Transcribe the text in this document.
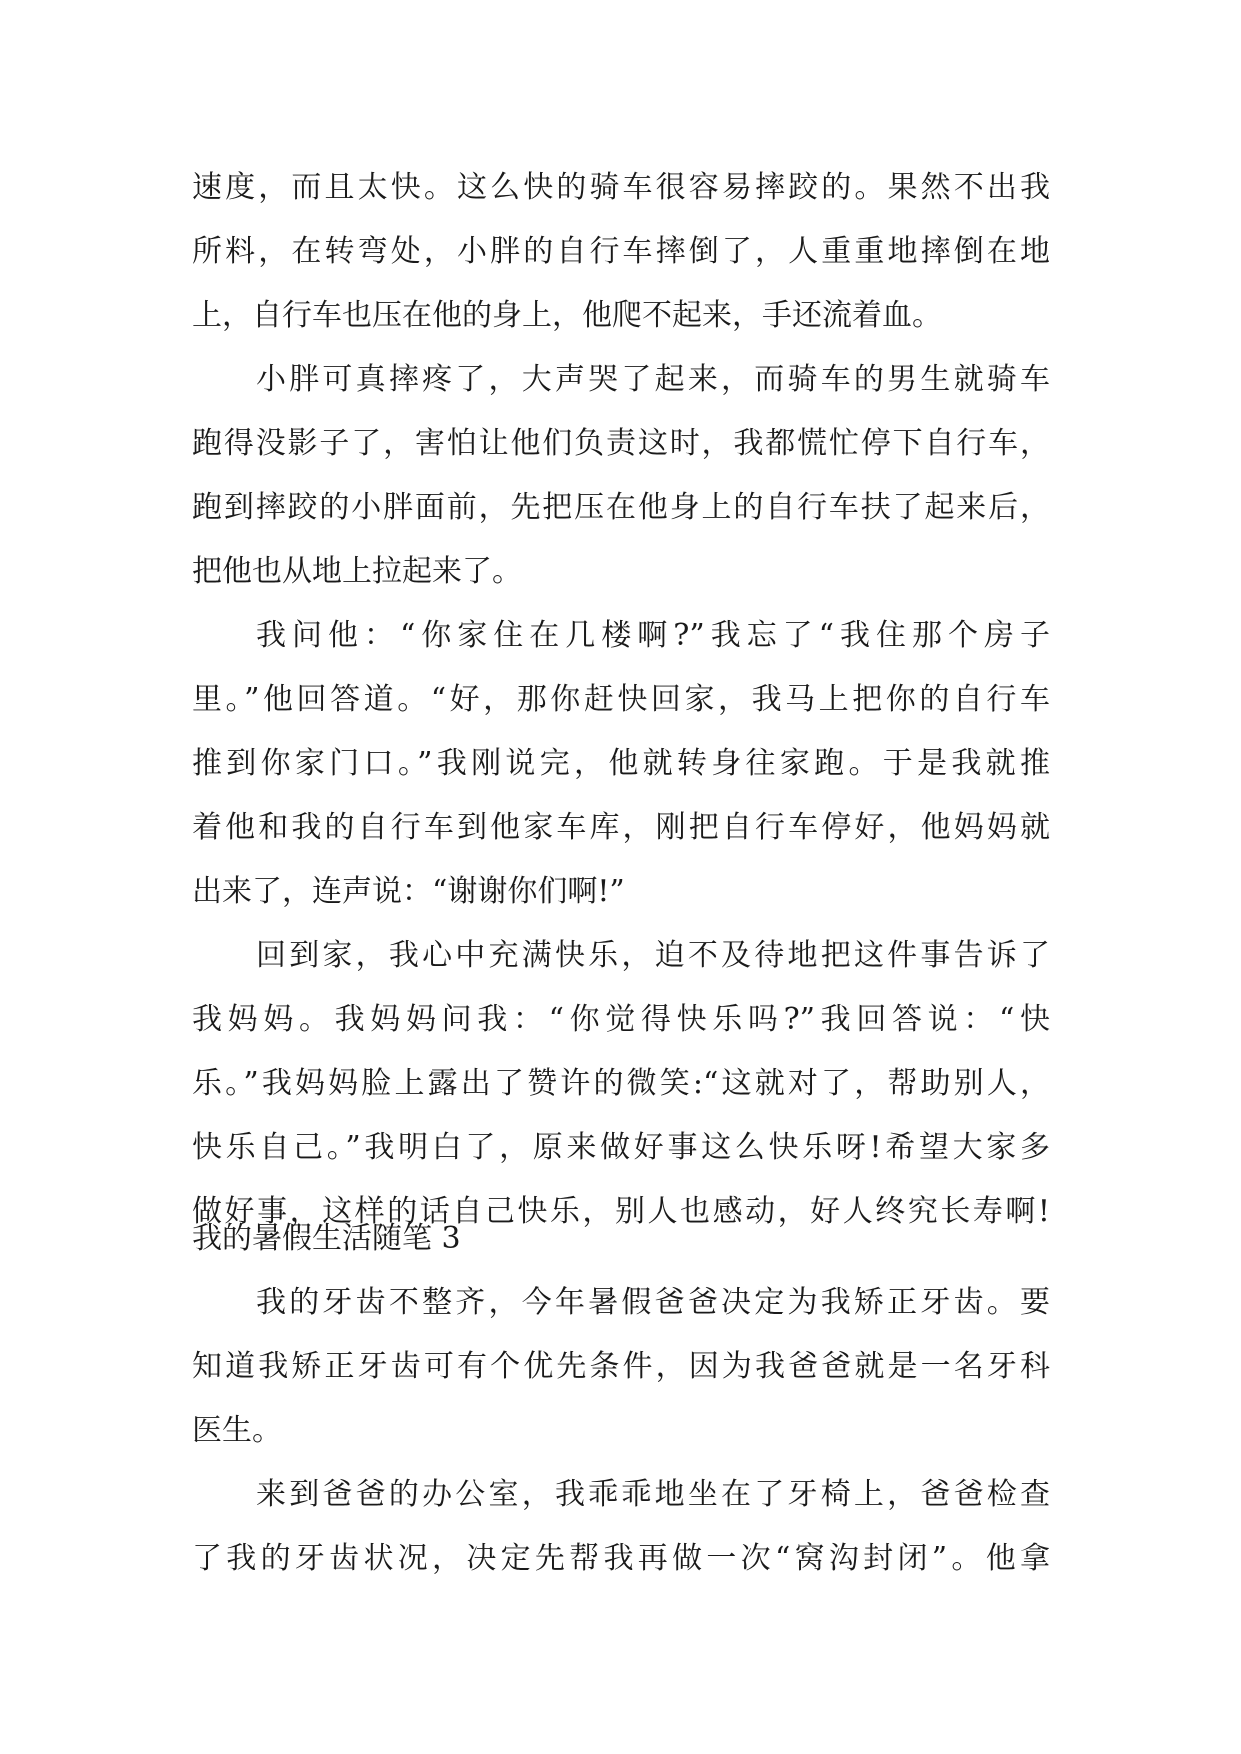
速度，而且太快。这么快的骑车很容易摔跤的。果然不出我
所料，在转弯处，小胖的自行车摔倒了，人重重地摔倒在地
上，自行车也压在他的身上，他爬不起来，手还流着血。
小胖可真摔疼了，大声哭了起来，而骑车的男生就骑车
跑得没影子了，害怕让他们负责这时，我都慌忙停下自行车，
跑到摔跤的小胖面前，先把压在他身上的自行车扶了起来后，
把他也从地上拉起来了。
我问他：“你家住在几楼啊?”我忘了“我住那个房子
里。”他回答道。“好，那你赶快回家，我马上把你的自行车
推到你家门口。”我刚说完，他就转身往家跑。于是我就推
着他和我的自行车到他家车库，刚把自行车停好，他妈妈就
出来了，连声说：“谢谢你们啊!”
回到家，我心中充满快乐，迫不及待地把这件事告诉了
我妈妈。我妈妈问我：“你觉得快乐吗?”我回答说：“快
乐。”我妈妈脸上露出了赞许的微笑:“这就对了，帮助别人，
快乐自己。”我明白了，原来做好事这么快乐呀!希望大家多
做好事，这样的话自己快乐，别人也感动，好人终究长寿啊!
我的暑假生活随笔 3
我的牙齿不整齐，今年暑假爸爸决定为我矫正牙齿。要
知道我矫正牙齿可有个优先条件，因为我爸爸就是一名牙科
医生。
来到爸爸的办公室，我乖乖地坐在了牙椅上，爸爸检查
了我的牙齿状况，决定先帮我再做一次“窝沟封闭”。他拿
